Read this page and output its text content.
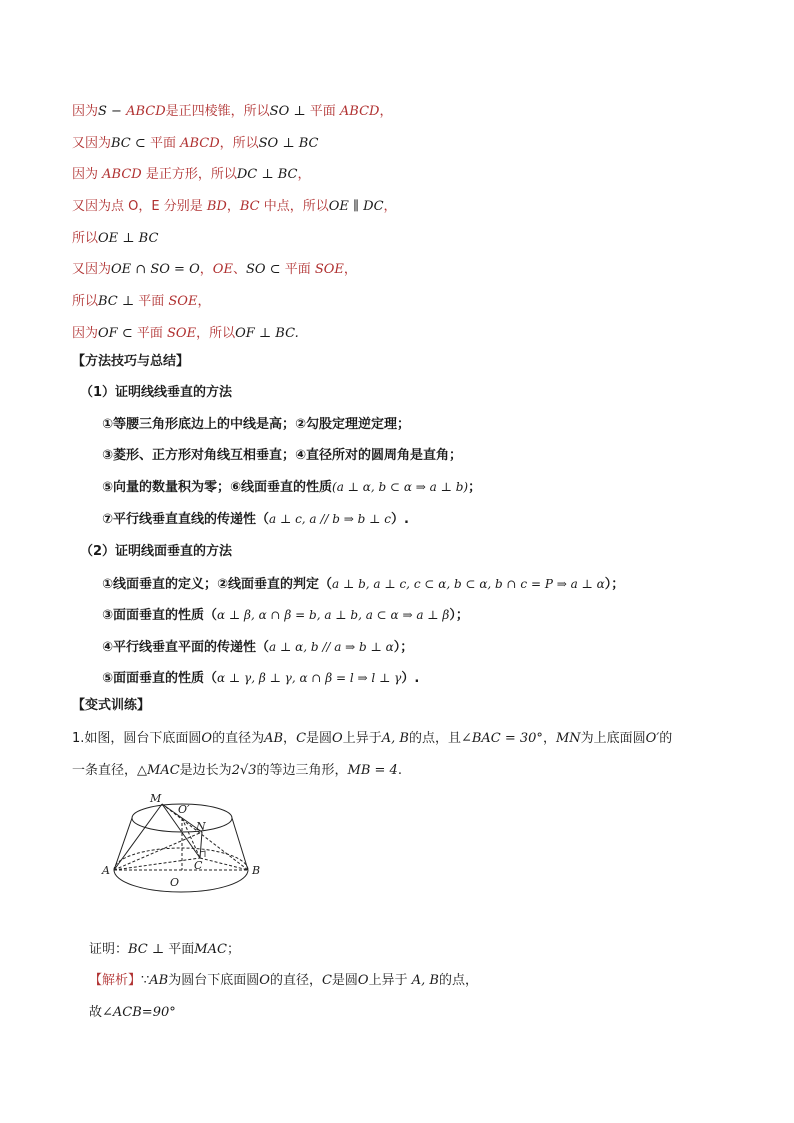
因为S − ABCD是正四棱锥，所以SO ⊥ 平面 ABCD，
又因为BC ⊂ 平面 ABCD，所以SO ⊥ BC
因为 ABCD 是正方形，所以DC ⊥ BC，
又因为点 O，E 分别是 BD，BC 中点，所以OE ∥ DC，
所以OE ⊥ BC
又因为OE ∩ SO = O，OE、SO ⊂ 平面 SOE，
所以BC ⊥ 平面 SOE，
因为OF ⊂ 平面 SOE，所以OF ⊥ BC.
【方法技巧与总结】
（1）证明线线垂直的方法
①等腰三角形底边上的中线是高；②勾股定理逆定理；
③菱形、正方形对角线互相垂直；④直径所对的圆周角是直角；
⑤向量的数量积为零；⑥线面垂直的性质(a ⊥ α, b ⊂ α ⇒ a ⊥ b)；
⑦平行线垂直直线的传递性（a ⊥ c, a // b ⇒ b ⊥ c）.
（2）证明线面垂直的方法
①线面垂直的定义；②线面垂直的判定（a ⊥ b, a ⊥ c, c ⊂ α, b ⊂ α, b ∩ c = P ⇒ a ⊥ α）；
③面面垂直的性质（α ⊥ β, α ∩ β = b, a ⊥ b, a ⊂ α ⇒ a ⊥ β）；
④平行线垂直平面的传递性（a ⊥ α, b // a ⇒ b ⊥ α）；
⑤面面垂直的性质（α ⊥ γ, β ⊥ γ, α ∩ β = l ⇒ l ⊥ γ）.
【变式训练】
1.如图，圆台下底面圆O的直径为AB，C是圆O上异于A, B的点，且∠BAC = 30°，MN为上底面圆O′的
一条直径，△MAC是边长为2√3的等边三角形，MB = 4.
M
O′
N
C
A
O
B
证明：BC ⊥ 平面MAC；
【解析】∵AB为圆台下底面圆O的直径，C是圆O上异于 A, B的点，
故∠ACB=90°
